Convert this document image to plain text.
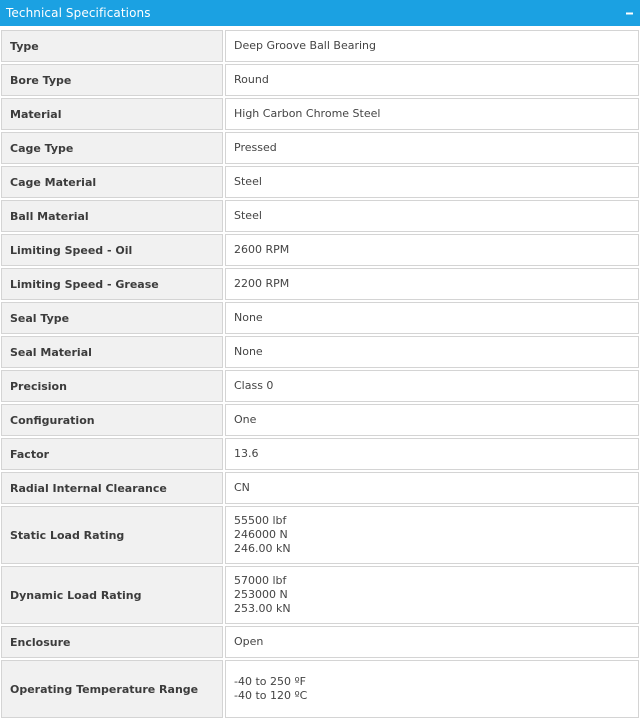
Technical Specifications
Type	Deep Groove Ball Bearing

Bore Type	Round

Material	High Carbon Chrome Steel

Cage Type	Pressed

Cage Material	Steel

Ball Material	Steel

Limiting Speed - Oil	2600 RPM

Limiting Speed - Grease	2200 RPM

Seal Type	None

Seal Material	None

Precision	Class 0

Configuration	One

Factor	13.6

Radial Internal Clearance	CN

Static Load Rating	55500 lbf
246000 N
246.00 kN

Dynamic Load Rating	57000 lbf
253000 N
253.00 kN

Enclosure	Open

Operating Temperature Range	-40 to 250 ºF
-40 to 120 ºC
